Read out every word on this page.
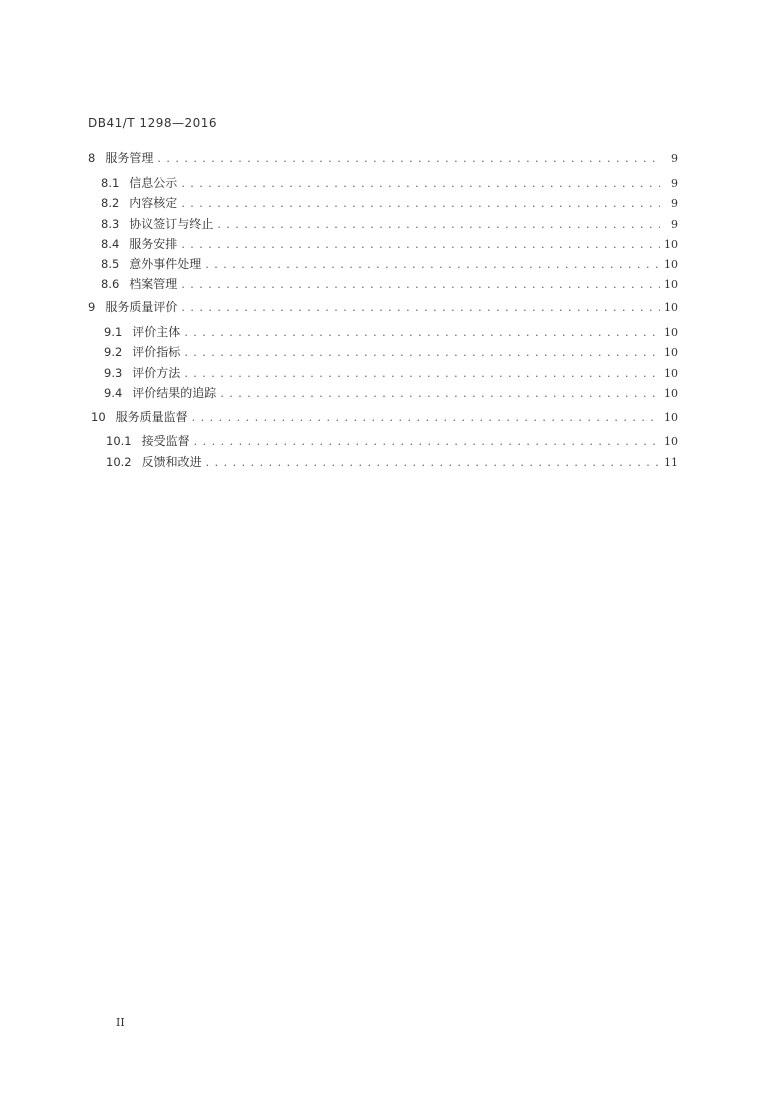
DB41/T 1298—2016
8 服务管理 . . .	9
8.1 信息公示 . . .	9
8.2 内容核定 . . .	9
8.3 协议签订与终止 . . .	9
8.4 服务安排 . . .	10
8.5 意外事件处理 . . .	10
8.6 档案管理 . . .	10
9 服务质量评价 . . .	10
9.1 评价主体 . . .	10
9.2 评价指标 . . .	10
9.3 评价方法 . . .	10
9.4 评价结果的追踪 . . .	10
10 服务质量监督 . . .	10
10.1 接受监督 . . .	10
10.2 反馈和改进 . . .	11
II
